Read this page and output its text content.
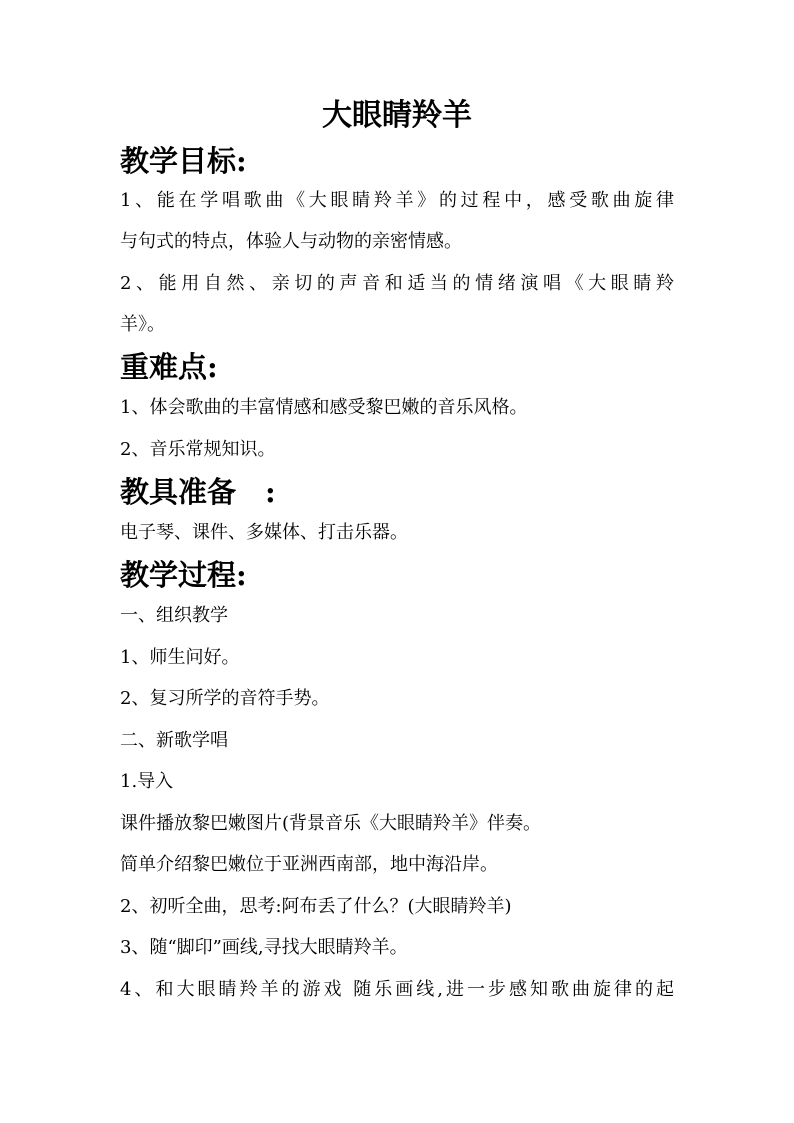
大眼睛羚羊
教学目标:
1、能在学唱歌曲《大眼睛羚羊》的过程中，感受歌曲旋律
与句式的特点，体验人与动物的亲密情感。
2、能用自然、亲切的声音和适当的情绪演唱《大眼睛羚
羊》。
重难点:
1、体会歌曲的丰富情感和感受黎巴嫩的音乐风格。
2、音乐常规知识。
教具准备　:
电子琴、课件、多媒体、打击乐器。
教学过程:
一、组织教学
1、师生问好。
2、复习所学的音符手势。
二、新歌学唱
1.导入
课件播放黎巴嫩图片(背景音乐《大眼睛羚羊》伴奏。
简单介绍黎巴嫩位于亚洲西南部，地中海沿岸。
2、初听全曲，思考:阿布丢了什么？(大眼睛羚羊)
3、随“脚印”画线,寻找大眼睛羚羊。
4、和大眼睛羚羊的游戏 随乐画线,进一步感知歌曲旋律的起
